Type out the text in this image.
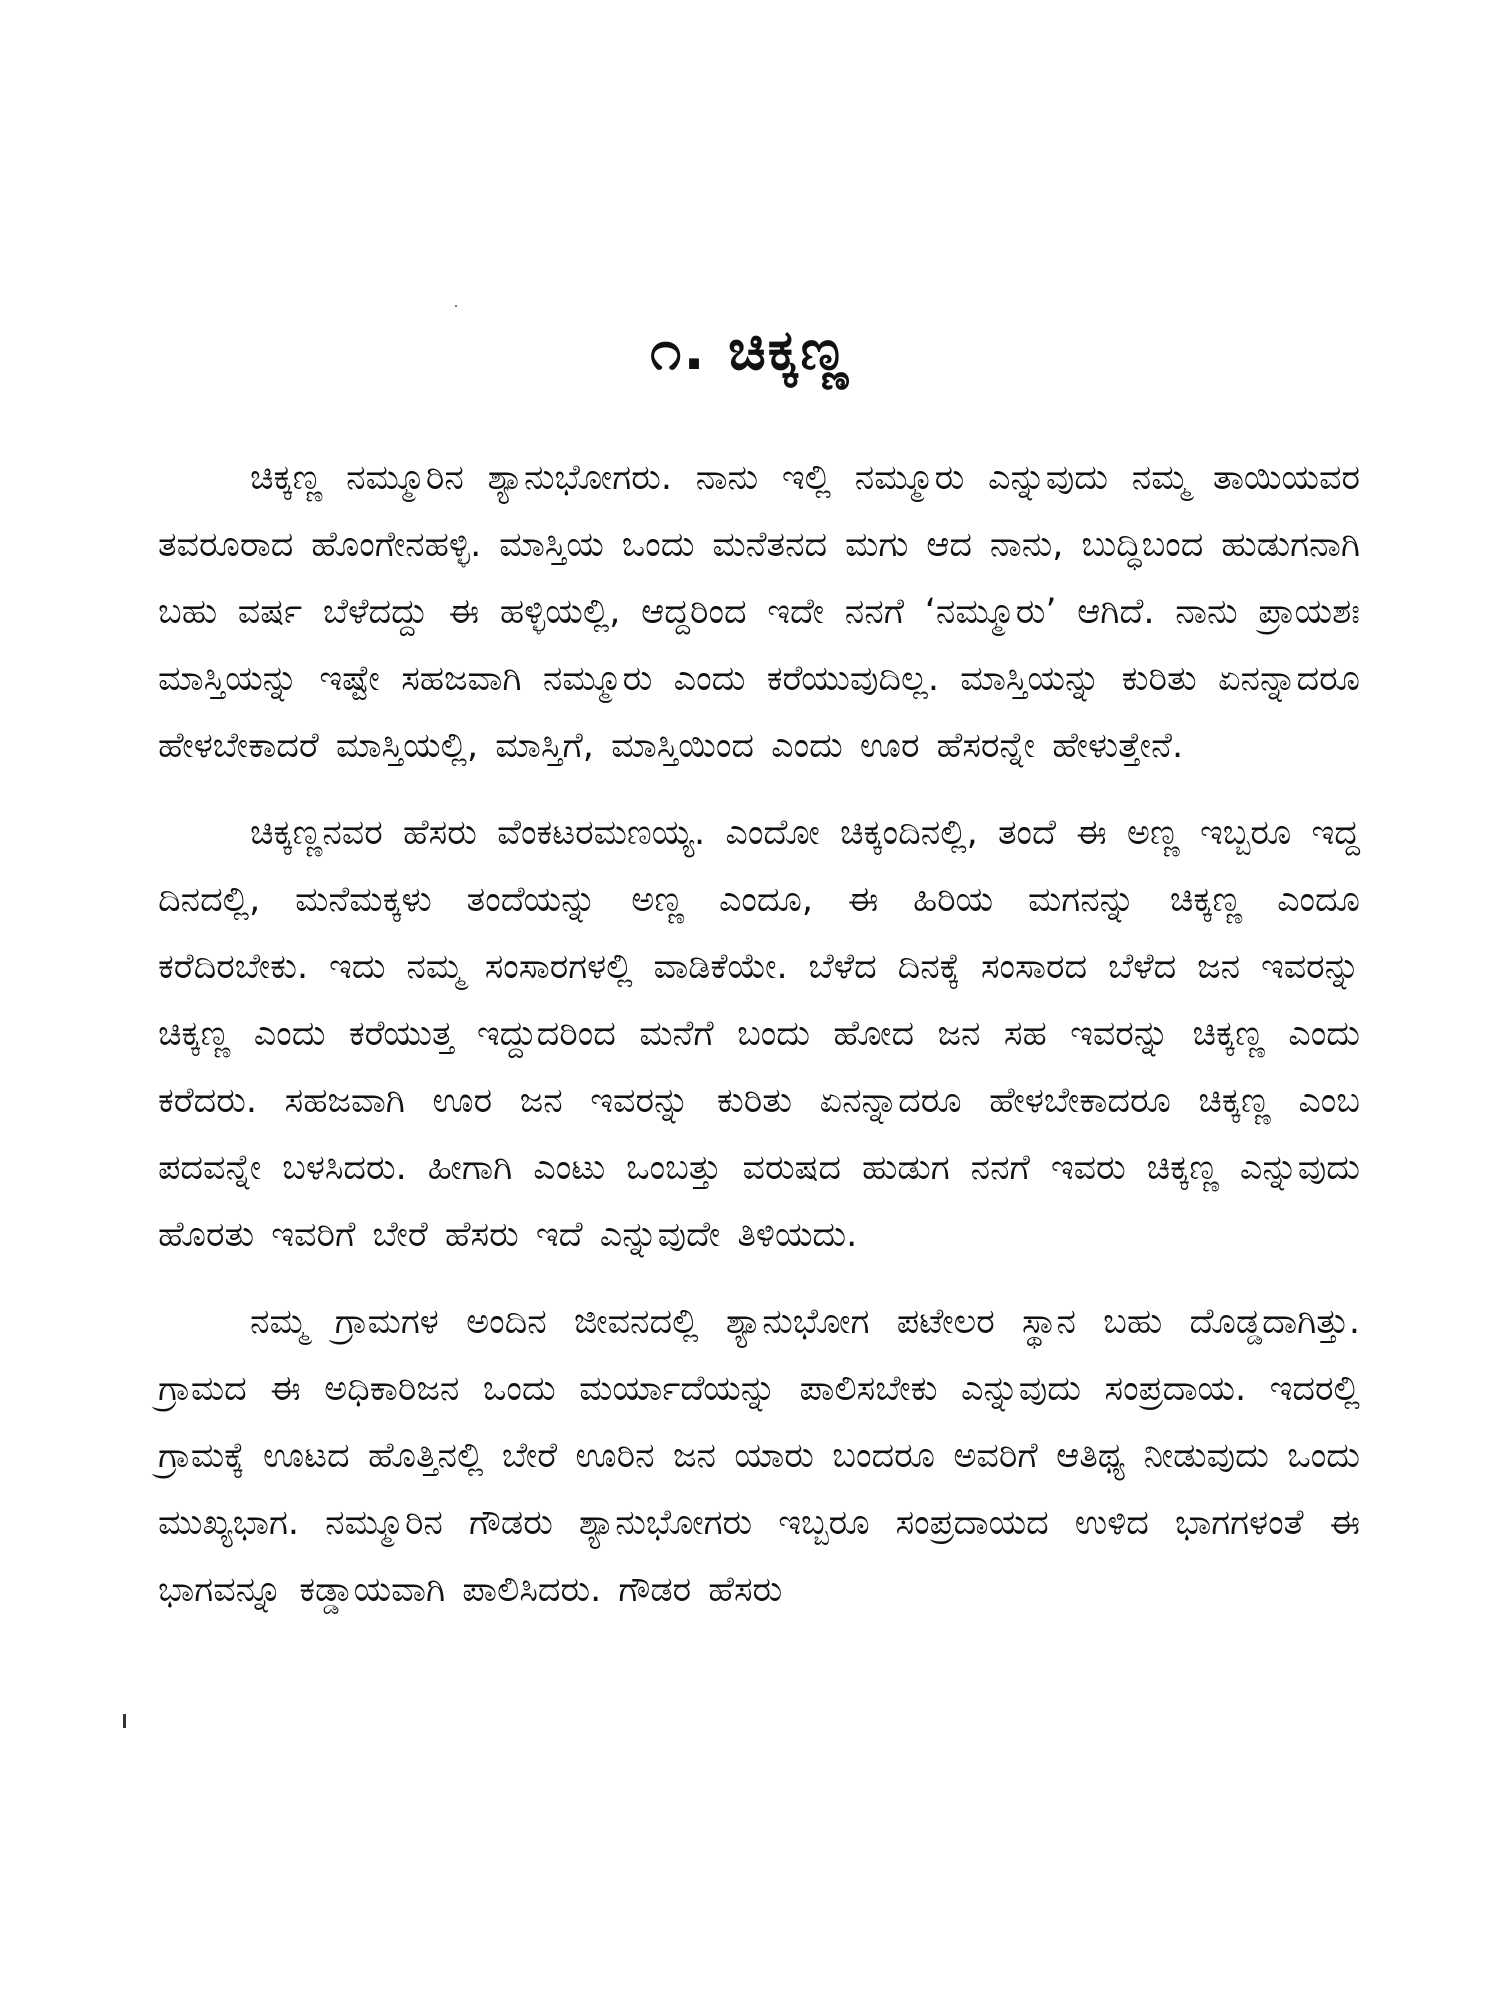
೧. ಚಿಕ್ಕಣ್ಣ

ಚಿಕ್ಕಣ್ಣ ನಮ್ಮೂರಿನ ಶ್ಯಾನುಭೋಗರು. ನಾನು ಇಲ್ಲಿ ನಮ್ಮೂರು ಎನ್ನುವುದು ನಮ್ಮ ತಾಯಿಯವರ ತವರೂರಾದ ಹೊಂಗೇನಹಳ್ಳಿ. ಮಾಸ್ತಿಯ ಒಂದು ಮನೆತನದ ಮಗು ಆದ ನಾನು, ಬುದ್ಧಿಬಂದ ಹುಡುಗನಾಗಿ ಬಹು ವರ್ಷ ಬೆಳೆದದ್ದು ಈ ಹಳ್ಳಿಯಲ್ಲಿ, ಆದ್ದರಿಂದ ಇದೇ ನನಗೆ ‘ನಮ್ಮೂರು’ ಆಗಿದೆ. ನಾನು ಪ್ರಾಯಶಃ ಮಾಸ್ತಿಯನ್ನು ಇಷ್ಟೇ ಸಹಜವಾಗಿ ನಮ್ಮೂರು ಎಂದು ಕರೆಯುವುದಿಲ್ಲ. ಮಾಸ್ತಿಯನ್ನು ಕುರಿತು ಏನನ್ನಾದರೂ ಹೇಳಬೇಕಾದರೆ ಮಾಸ್ತಿಯಲ್ಲಿ, ಮಾಸ್ತಿಗೆ, ಮಾಸ್ತಿಯಿಂದ ಎಂದು ಊರ ಹೆಸರನ್ನೇ ಹೇಳುತ್ತೇನೆ.

ಚಿಕ್ಕಣ್ಣನವರ ಹೆಸರು ವೆಂಕಟರಮಣಯ್ಯ. ಎಂದೋ ಚಿಕ್ಕಂದಿನಲ್ಲಿ, ತಂದೆ ಈ ಅಣ್ಣ ಇಬ್ಬರೂ ಇದ್ದ ದಿನದಲ್ಲಿ, ಮನೆಮಕ್ಕಳು ತಂದೆಯನ್ನು ಅಣ್ಣ ಎಂದೂ, ಈ ಹಿರಿಯ ಮಗನನ್ನು ಚಿಕ್ಕಣ್ಣ ಎಂದೂ ಕರೆದಿರಬೇಕು. ಇದು ನಮ್ಮ ಸಂಸಾರಗಳಲ್ಲಿ ವಾಡಿಕೆಯೇ. ಬೆಳೆದ ದಿನಕ್ಕೆ ಸಂಸಾರದ ಬೆಳೆದ ಜನ ಇವರನ್ನು ಚಿಕ್ಕಣ್ಣ ಎಂದು ಕರೆಯುತ್ತ ಇದ್ದುದರಿಂದ ಮನೆಗೆ ಬಂದು ಹೋದ ಜನ ಸಹ ಇವರನ್ನು ಚಿಕ್ಕಣ್ಣ ಎಂದು ಕರೆದರು. ಸಹಜವಾಗಿ ಊರ ಜನ ಇವರನ್ನು ಕುರಿತು ಏನನ್ನಾದರೂ ಹೇಳಬೇಕಾದರೂ ಚಿಕ್ಕಣ್ಣ ಎಂಬ ಪದವನ್ನೇ ಬಳಸಿದರು. ಹೀಗಾಗಿ ಎಂಟು ಒಂಬತ್ತು ವರುಷದ ಹುಡುಗ ನನಗೆ ಇವರು ಚಿಕ್ಕಣ್ಣ ಎನ್ನುವುದು ಹೊರತು ಇವರಿಗೆ ಬೇರೆ ಹೆಸರು ಇದೆ ಎನ್ನುವುದೇ ತಿಳಿಯದು.

ನಮ್ಮ ಗ್ರಾಮಗಳ ಅಂದಿನ ಜೀವನದಲ್ಲಿ ಶ್ಯಾನುಭೋಗ ಪಟೇಲರ ಸ್ಥಾನ ಬಹು ದೊಡ್ಡದಾಗಿತ್ತು. ಗ್ರಾಮದ ಈ ಅಧಿಕಾರಿಜನ ಒಂದು ಮರ್ಯಾದೆಯನ್ನು ಪಾಲಿಸಬೇಕು ಎನ್ನುವುದು ಸಂಪ್ರದಾಯ. ಇದರಲ್ಲಿ ಗ್ರಾಮಕ್ಕೆ ಊಟದ ಹೊತ್ತಿನಲ್ಲಿ ಬೇರೆ ಊರಿನ ಜನ ಯಾರು ಬಂದರೂ ಅವರಿಗೆ ಆತಿಥ್ಯ ನೀಡುವುದು ಒಂದು ಮುಖ್ಯಭಾಗ. ನಮ್ಮೂರಿನ ಗೌಡರು ಶ್ಯಾನುಭೋಗರು ಇಬ್ಬರೂ ಸಂಪ್ರದಾಯದ ಉಳಿದ ಭಾಗಗಳಂತೆ ಈ ಭಾಗವನ್ನೂ ಕಡ್ಡಾಯವಾಗಿ ಪಾಲಿಸಿದರು. ಗೌಡರ ಹೆಸರು
